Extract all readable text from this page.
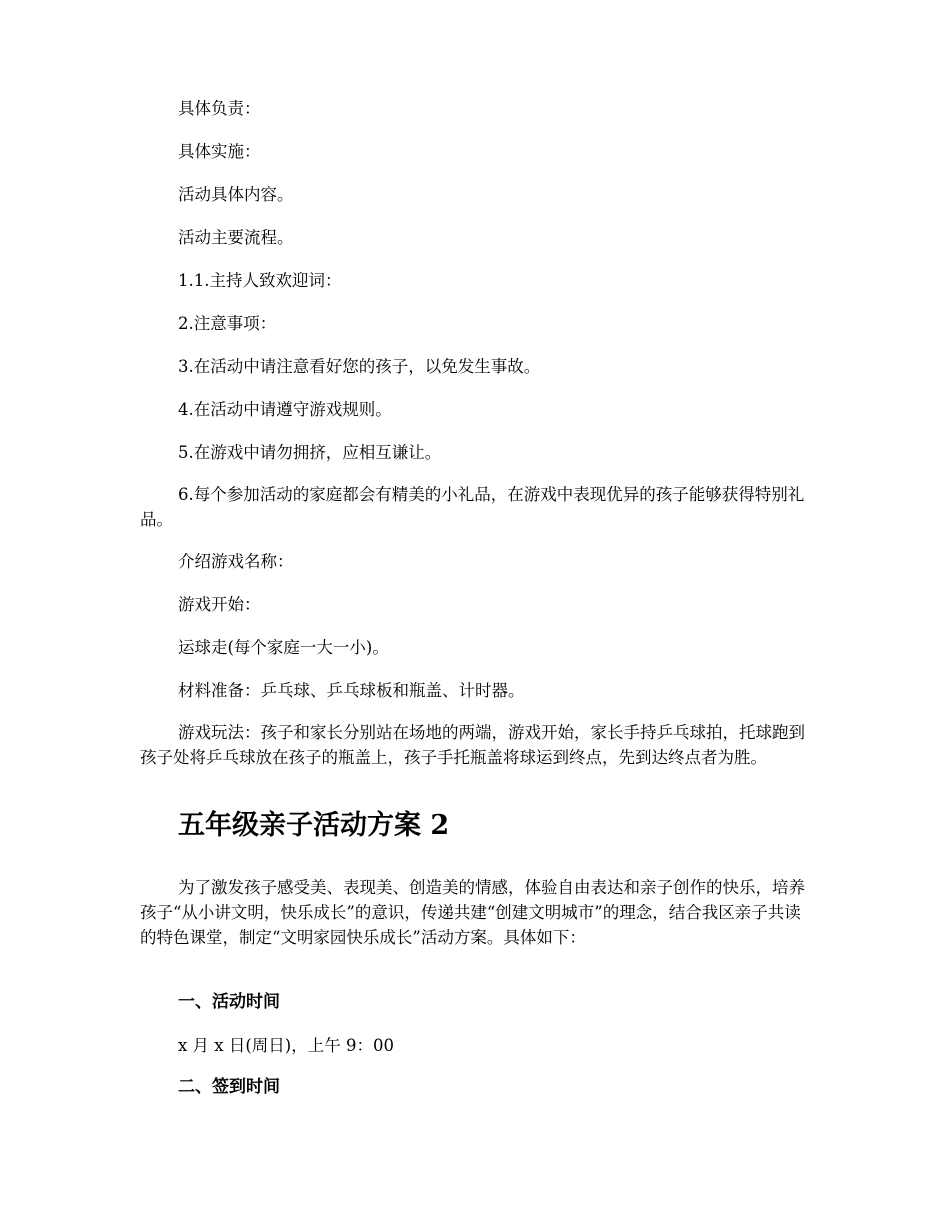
具体负责：

具体实施：

活动具体内容。

活动主要流程。

1.1.主持人致欢迎词：

2.注意事项：

3.在活动中请注意看好您的孩子，以免发生事故。

4.在活动中请遵守游戏规则。

5.在游戏中请勿拥挤，应相互谦让。

6.每个参加活动的家庭都会有精美的小礼品，在游戏中表现优异的孩子能够获得特别礼品。

介绍游戏名称：

游戏开始：

运球走(每个家庭一大一小)。

材料准备：乒乓球、乒乓球板和瓶盖、计时器。

游戏玩法：孩子和家长分别站在场地的两端，游戏开始，家长手持乒乓球拍，托球跑到孩子处将乒乓球放在孩子的瓶盖上，孩子手托瓶盖将球运到终点，先到达终点者为胜。

五年级亲子活动方案 2

为了激发孩子感受美、表现美、创造美的情感，体验自由表达和亲子创作的快乐，培养孩子“从小讲文明，快乐成长”的意识，传递共建“创建文明城市”的理念，结合我区亲子共读的特色课堂，制定“文明家园快乐成长”活动方案。具体如下：

一、活动时间

x 月 x 日(周日)，上午 9：00

二、签到时间
